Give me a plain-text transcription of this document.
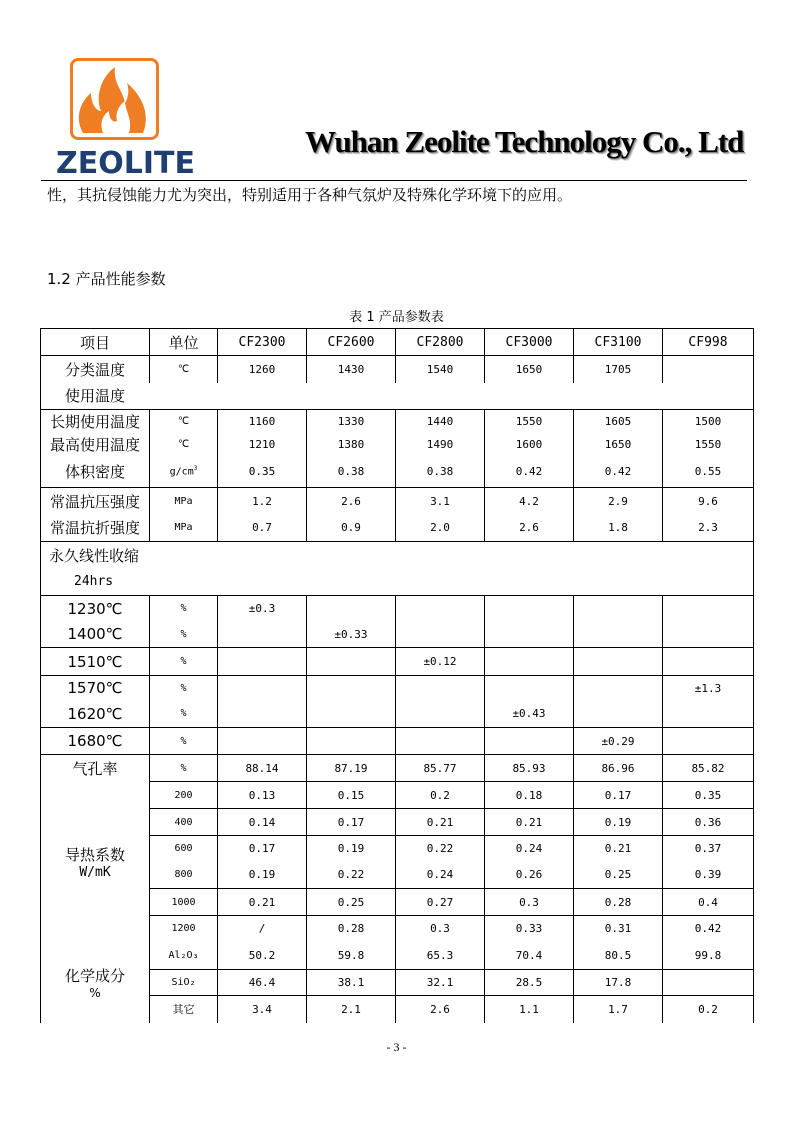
ZEOLITE
Wuhan Zeolite Technology Co., Ltd
性，其抗侵蚀能力尤为突出，特别适用于各种气氛炉及特殊化学环境下的应用。
1.2 产品性能参数
表 1 产品参数表
项目	单位	CF2300	CF2600	CF2800	CF3000	CF3100	CF998
分类温度	℃	1260	1430	1540	1650	1705	
使用温度							
长期使用温度	℃	1160	1330	1440	1550	1605	1500
最高使用温度	℃	1210	1380	1490	1600	1650	1550
体积密度	$g/cm^3$	0.35	0.38	0.38	0.42	0.42	0.55
常温抗压强度	MPa	1.2	2.6	3.1	4.2	2.9	9.6
常温抗折强度	MPa	0.7	0.9	2.0	2.6	1.8	2.3
永久线性收缩							
24hrs							
1230℃	%	±0.3					
1400℃	%		±0.33				
1510℃	%			±0.12			
1570℃	%						±1.3
1620℃	%				±0.43		
1680℃	%					±0.29	
气孔率	%	88.14	87.19	85.77	85.93	86.96	85.82

导热系数
W/mK	200	0.13	0.15	0.2	0.18	0.17	0.35
	400	0.14	0.17	0.21	0.21	0.19	0.36
	600	0.17	0.19	0.22	0.24	0.21	0.37
	800	0.19	0.22	0.24	0.26	0.25	0.39
	1000	0.21	0.25	0.27	0.3	0.28	0.4
	1200	/	0.28	0.3	0.33	0.31	0.42

化学成分
%	Al₂O₃	50.2	59.8	65.3	70.4	80.5	99.8
	SiO₂	46.4	38.1	32.1	28.5	17.8	
	其它	3.4	2.1	2.6	1.1	1.7	0.2
- 3 -
